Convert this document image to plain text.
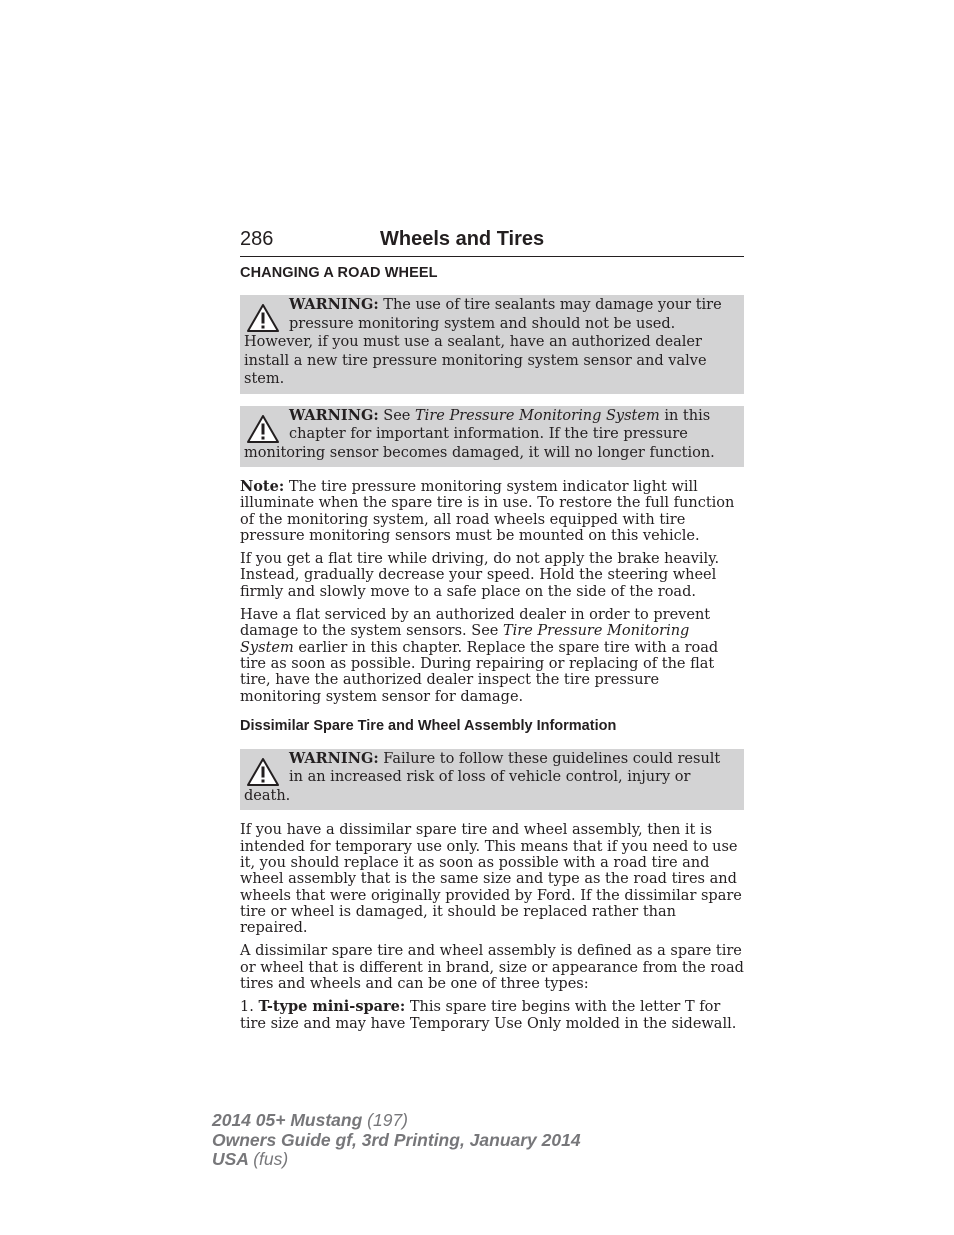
286	Wheels and Tires
CHANGING A ROAD WHEEL
WARNING: The use of tire sealants may damage your tire pressure monitoring system and should not be used. However, if you must use a sealant, have an authorized dealer install a new tire pressure monitoring system sensor and valve stem.
WARNING: See Tire Pressure Monitoring System in this chapter for important information. If the tire pressure monitoring sensor becomes damaged, it will no longer function.

Note: The tire pressure monitoring system indicator light will illuminate when the spare tire is in use. To restore the full function of the monitoring system, all road wheels equipped with tire pressure monitoring sensors must be mounted on this vehicle.

If you get a flat tire while driving, do not apply the brake heavily. Instead, gradually decrease your speed. Hold the steering wheel firmly and slowly move to a safe place on the side of the road.

Have a flat serviced by an authorized dealer in order to prevent damage to the system sensors. See Tire Pressure Monitoring System earlier in this chapter. Replace the spare tire with a road tire as soon as possible. During repairing or replacing of the flat tire, have the authorized dealer inspect the tire pressure monitoring system sensor for damage.

Dissimilar Spare Tire and Wheel Assembly Information
WARNING: Failure to follow these guidelines could result in an increased risk of loss of vehicle control, injury or death.

If you have a dissimilar spare tire and wheel assembly, then it is intended for temporary use only. This means that if you need to use it, you should replace it as soon as possible with a road tire and wheel assembly that is the same size and type as the road tires and wheels that were originally provided by Ford. If the dissimilar spare tire or wheel is damaged, it should be replaced rather than repaired.

A dissimilar spare tire and wheel assembly is defined as a spare tire or wheel that is different in brand, size or appearance from the road tires and wheels and can be one of three types:

1. T-type mini-spare: This spare tire begins with the letter T for tire size and may have Temporary Use Only molded in the sidewall.

2014 05+ Mustang (197)
Owners Guide gf, 3rd Printing, January 2014
USA (fus)
